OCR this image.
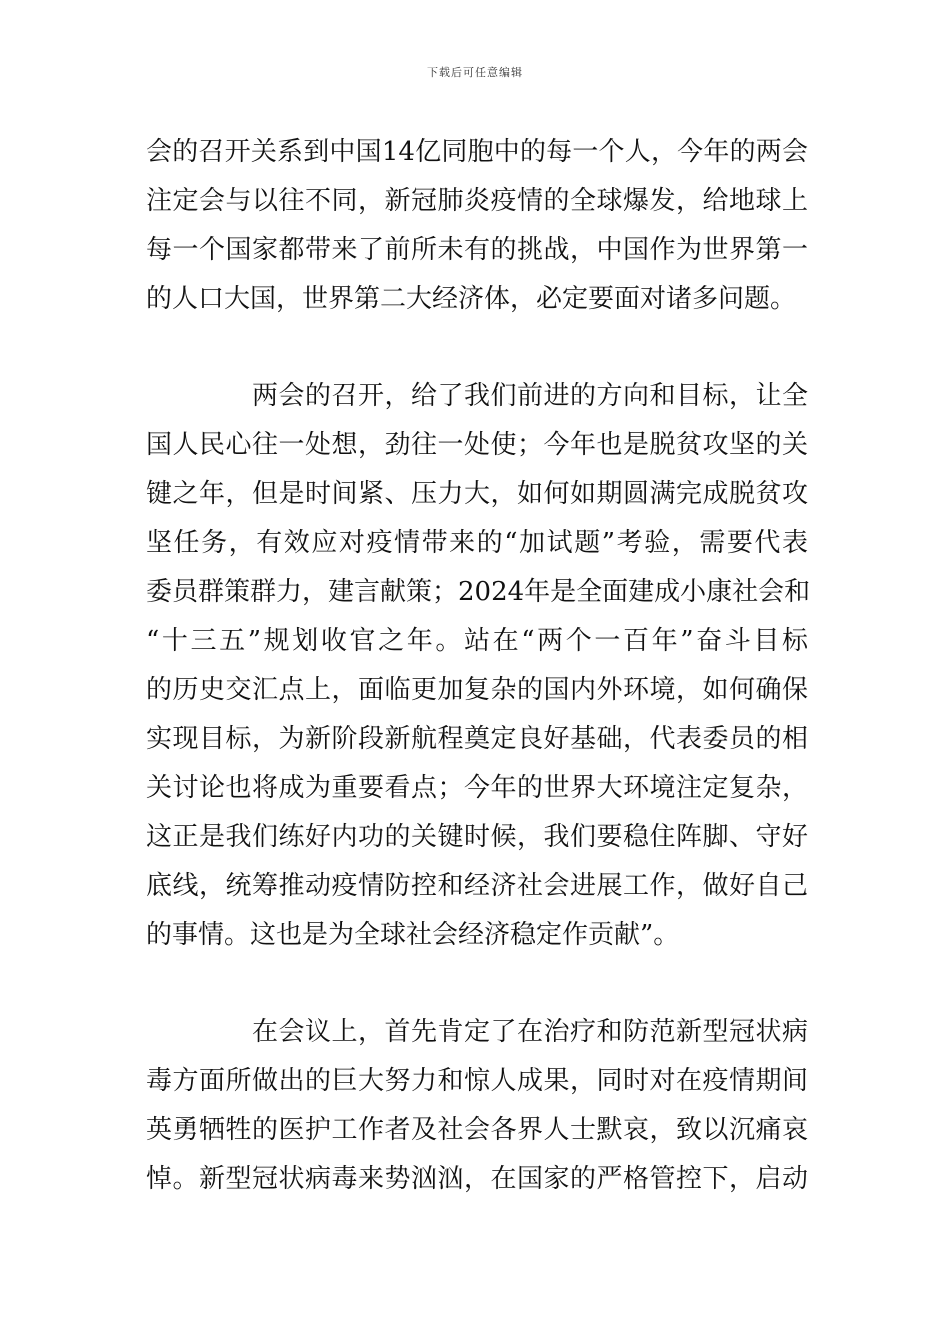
下载后可任意编辑
会的召开关系到中国14亿同胞中的每一个人，今年的两会
注定会与以往不同，新冠肺炎疫情的全球爆发，给地球上
每一个国家都带来了前所未有的挑战，中国作为世界第一
的人口大国，世界第二大经济体，必定要面对诸多问题。
两会的召开，给了我们前进的方向和目标，让全
国人民心往一处想，劲往一处使；今年也是脱贫攻坚的关
键之年，但是时间紧、压力大，如何如期圆满完成脱贫攻
坚任务，有效应对疫情带来的“加试题”考验，需要代表
委员群策群力，建言献策；2024年是全面建成小康社会和
“十三五”规划收官之年。站在“两个一百年”奋斗目标
的历史交汇点上，面临更加复杂的国内外环境，如何确保
实现目标，为新阶段新航程奠定良好基础，代表委员的相
关讨论也将成为重要看点；今年的世界大环境注定复杂，
这正是我们练好内功的关键时候，我们要稳住阵脚、守好
底线，统筹推动疫情防控和经济社会进展工作，做好自己
的事情。这也是为全球社会经济稳定作贡献”。
在会议上，首先肯定了在治疗和防范新型冠状病
毒方面所做出的巨大努力和惊人成果，同时对在疫情期间
英勇牺牲的医护工作者及社会各界人士默哀，致以沉痛哀
悼。新型冠状病毒来势汹汹，在国家的严格管控下，启动
